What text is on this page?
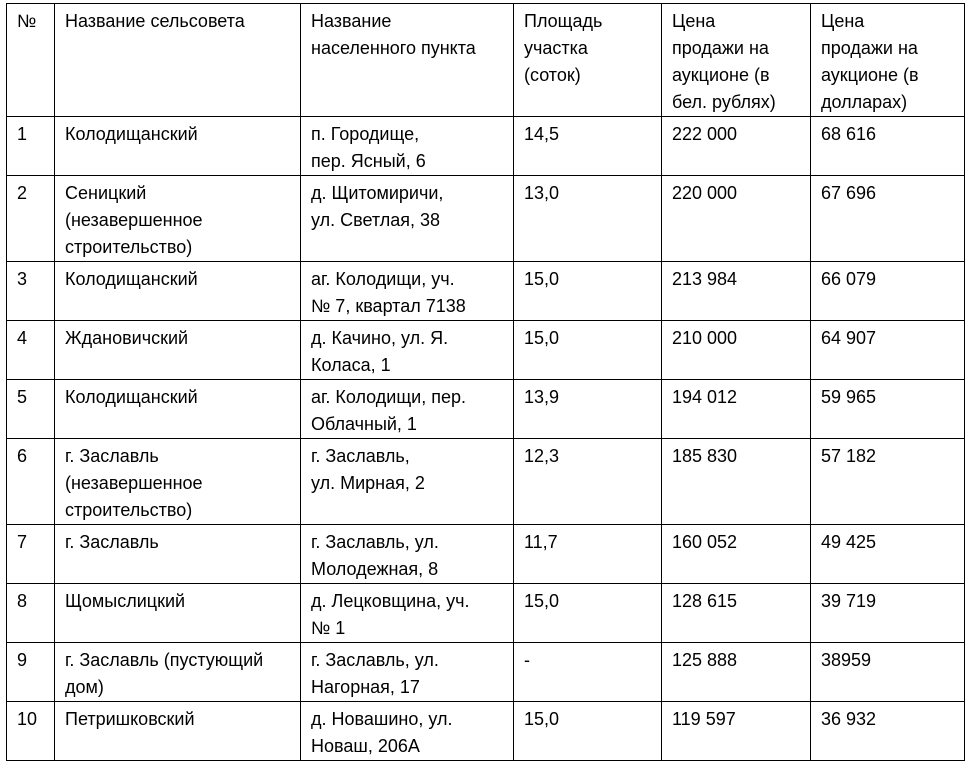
№	Название сельсовета	Название
населенного пункта	Площадь
участка
(соток)	Цена
продажи на
аукционе (в
бел. рублях)	Цена
продажи на
аукционе (в
долларах)
1	Колодищанский	п. Городище,
пер. Ясный, 6	14,5	222 000	68 616
2	Сеницкий
(незавершенное
строительство)	д. Щитомиричи,
ул. Светлая, 38	13,0	220 000	67 696
3	Колодищанский	аг. Колодищи, уч.
№ 7, квартал 7138	15,0	213 984	66 079
4	Ждановичский	д. Качино, ул. Я.
Коласа, 1	15,0	210 000	64 907
5	Колодищанский	аг. Колодищи, пер.
Облачный, 1	13,9	194 012	59 965
6	г. Заславль
(незавершенное
строительство)	г. Заславль,
ул. Мирная, 2	12,3	185 830	57 182
7	г. Заславль	г. Заславль, ул.
Молодежная, 8	11,7	160 052	49 425
8	Щомыслицкий	д. Лецковщина, уч.
№ 1	15,0	128 615	39 719
9	г. Заславль (пустующий
дом)	г. Заславль, ул.
Нагорная, 17	-	125 888	38959
10	Петришковский	д. Новашино, ул.
Новаш, 206А	15,0	119 597	36 932
